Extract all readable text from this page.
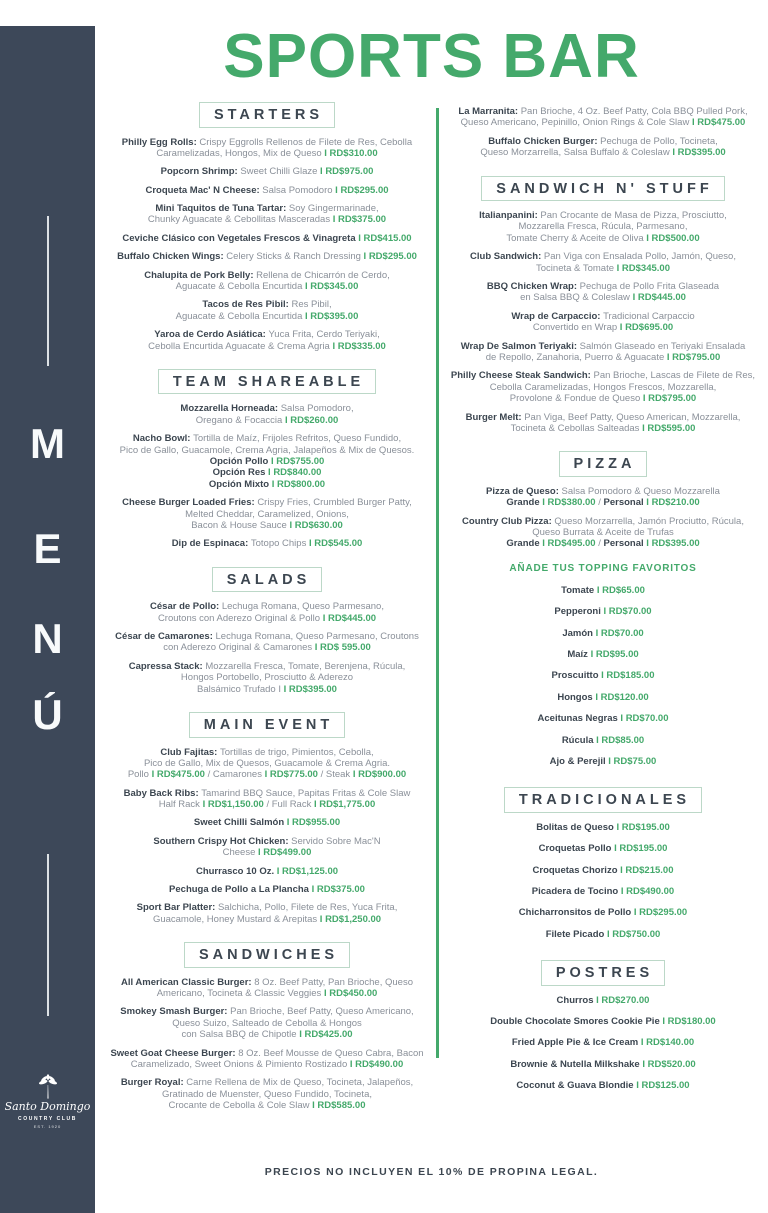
M
E
N
Ú
Santo Domingo
COUNTRY CLUB
EST. 1920
SPORTS BAR
STARTERS

Philly Egg Rolls: Crispy Eggrolls Rellenos de Filete de Res, Cebolla
Caramelizadas, Hongos, Mix de Queso I RD$310.00

Popcorn Shrimp: Sweet Chilli Glaze I RD$975.00

Croqueta Mac' N Cheese: Salsa Pomodoro I RD$295.00

Mini Taquitos de Tuna Tartar: Soy Gingermarinade,
Chunky Aguacate & Cebollitas Masceradas I RD$375.00

Ceviche Clásico con Vegetales Frescos & Vinagreta I RD$415.00

Buffalo Chicken Wings: Celery Sticks & Ranch Dressing I RD$295.00

Chalupita de Pork Belly: Rellena de Chicarrón de Cerdo,
Aguacate & Cebolla Encurtida I RD$345.00

Tacos de Res Pibil: Res Pibil,
Aguacate & Cebolla Encurtida I RD$395.00

Yaroa de Cerdo Asiática: Yuca Frita, Cerdo Teriyaki,
Cebolla Encurtida Aguacate & Crema Agria I RD$335.00

TEAM SHAREABLE

Mozzarella Horneada: Salsa Pomodoro,
Oregano & Focaccia I RD$260.00

Nacho Bowl: Tortilla de Maíz, Frijoles Refritos, Queso Fundido,
Pico de Gallo, Guacamole, Crema Agria, Jalapeños & Mix de Quesos.
Opción Pollo I RD$755.00
Opción Res I RD$840.00
Opción Mixto I RD$800.00

Cheese Burger Loaded Fries: Crispy Fries, Crumbled Burger Patty,
Melted Cheddar, Caramelized, Onions,
Bacon & House Sauce I RD$630.00

Dip de Espinaca: Totopo Chips I RD$545.00

SALADS

César de Pollo: Lechuga Romana, Queso Parmesano,
Croutons con Aderezo Original & Pollo I RD$445.00

César de Camarones: Lechuga Romana, Queso Parmesano, Croutons
con Aderezo Original & Camarones I RD$ 595.00

Capressa Stack: Mozzarella Fresca, Tomate, Berenjena, Rúcula,
Hongos Portobello, Prosciutto & Aderezo
Balsámico Trufado I I RD$395.00

MAIN EVENT

Club Fajitas: Tortillas de trigo, Pimientos, Cebolla,
Pico de Gallo, Mix de Quesos, Guacamole & Crema Agria.
Pollo I RD$475.00 / Camarones I RD$775.00 / Steak I RD$900.00

Baby Back Ribs: Tamarind BBQ Sauce, Papitas Fritas & Cole Slaw
Half Rack I RD$1,150.00 / Full Rack I RD$1,775.00

Sweet Chilli Salmón I RD$955.00

Southern Crispy Hot Chicken: Servido Sobre Mac'N
Cheese I RD$499.00

Churrasco 10 Oz. I RD$1,125.00

Pechuga de Pollo a La Plancha I RD$375.00

Sport Bar Platter: Salchicha, Pollo, Filete de Res, Yuca Frita,
Guacamole, Honey Mustard & Arepitas I RD$1,250.00

SANDWICHES

All American Classic Burger: 8 Oz. Beef Patty, Pan Brioche, Queso
Americano, Tocineta & Classic Veggies I RD$450.00

Smokey Smash Burger: Pan Brioche, Beef Patty, Queso Americano,
Queso Suizo, Salteado de Cebolla & Hongos
con Salsa BBQ de Chipotle I RD$425.00

Sweet Goat Cheese Burger: 8 Oz. Beef Mousse de Queso Cabra, Bacon
Caramelizado, Sweet Onions & Pimiento Rostizado I RD$490.00

Burger Royal: Carne Rellena de Mix de Queso, Tocineta, Jalapeños,
Gratinado de Muenster, Queso Fundido, Tocineta,
Crocante de Cebolla & Cole Slaw I RD$585.00

La Marranita: Pan Brioche, 4 Oz. Beef Patty, Cola BBQ Pulled Pork,
Queso Americano, Pepinillo, Onion Rings & Cole Slaw I RD$475.00

Buffalo Chicken Burger: Pechuga de Pollo, Tocineta,
Queso Morzarrella, Salsa Buffalo & Coleslaw I RD$395.00

SANDWICH N' STUFF

Italianpanini: Pan Crocante de Masa de Pizza, Prosciutto,
Mozzarella Fresca, Rúcula, Parmesano,
Tomate Cherry & Aceite de Oliva I RD$500.00

Club Sandwich: Pan Viga con Ensalada Pollo, Jamón, Queso,
Tocineta & Tomate I RD$345.00

BBQ Chicken Wrap: Pechuga de Pollo Frita Glaseada
en Salsa BBQ & Coleslaw I RD$445.00

Wrap de Carpaccio: Tradicional Carpaccio
Convertido en Wrap I RD$695.00

Wrap De Salmon Teriyaki: Salmón Glaseado en Teriyaki Ensalada
de Repollo, Zanahoria, Puerro & Aguacate I RD$795.00

Philly Cheese Steak Sandwich: Pan Brioche, Lascas de Filete de Res,
Cebolla Caramelizadas, Hongos Frescos, Mozzarella,
Provolone & Fondue de Queso I RD$795.00

Burger Melt: Pan Viga, Beef Patty, Queso American, Mozzarella,
Tocineta & Cebollas Salteadas I RD$595.00

PIZZA

Pizza de Queso: Salsa Pomodoro & Queso Mozzarella
Grande I RD$380.00 / Personal I RD$210.00

Country Club Pizza: Queso Morzarrella, Jamón Prociutto, Rúcula,
Queso Burrata & Aceite de Trufas
Grande I RD$495.00 / Personal I RD$395.00

AÑADE TUS TOPPING FAVORITOS

Tomate I RD$65.00

Pepperoni I RD$70.00

Jamón I RD$70.00

Maíz I RD$95.00

Proscuitto I RD$185.00

Hongos I RD$120.00

Aceitunas Negras I RD$70.00

Rúcula I RD$85.00

Ajo & Perejil I RD$75.00

TRADICIONALES

Bolitas de Queso I RD$195.00

Croquetas Pollo I RD$195.00

Croquetas Chorizo I RD$215.00

Picadera de Tocino I RD$490.00

Chicharronsitos de Pollo I RD$295.00

Filete Picado I RD$750.00

POSTRES

Churros I RD$270.00

Double Chocolate Smores Cookie Pie I RD$180.00

Fried Apple Pie & Ice Cream I RD$140.00

Brownie & Nutella Milkshake I RD$520.00

Coconut & Guava Blondie I RD$125.00

PRECIOS NO INCLUYEN EL 10% DE PROPINA LEGAL.
